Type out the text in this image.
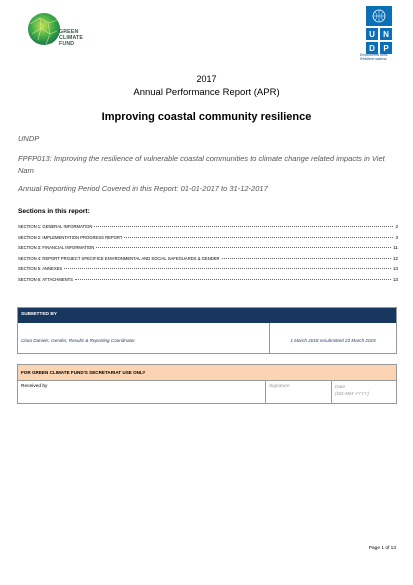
GREEN
CLIMATE
FUND
U N
D P
Empowered lives.
Resilient nations.
2017
Annual Performance Report (APR)
Improving coastal community resilience
UNDP
FPFP013: Improving the resilience of vulnerable coastal communities to climate change related impacts in Viet Nam
Annual Reporting Period Covered in this Report: 01-01-2017 to 31-12-2017
Sections in this report:
SECTION 1: GENERAL INFORMATION	2
SECTION 2: IMPLEMENTATION PROGRESS REPORT	3
SECTION 3: FINANCIAL INFORMATION	11
SECTION 4: REPORT PROJECT SPECIFICE ENVIRONMENTAL AND SOCIAL SAFEGUARDS & GENDER	12
SECTION 5: ANNEXES	13
SECTION 6: ATTACHMENTS	13
SUBMITTED BY
Clara Daniels, Gender, Results & Reporting Coordinator	1 March 2018 resubmitted 23 March 2018
FOR GREEN CLIMATE FUND'S SECRETARIAT USE ONLY
Received by	Signature	Date
(DD-MM-YYYY)
Page 1 of 13
